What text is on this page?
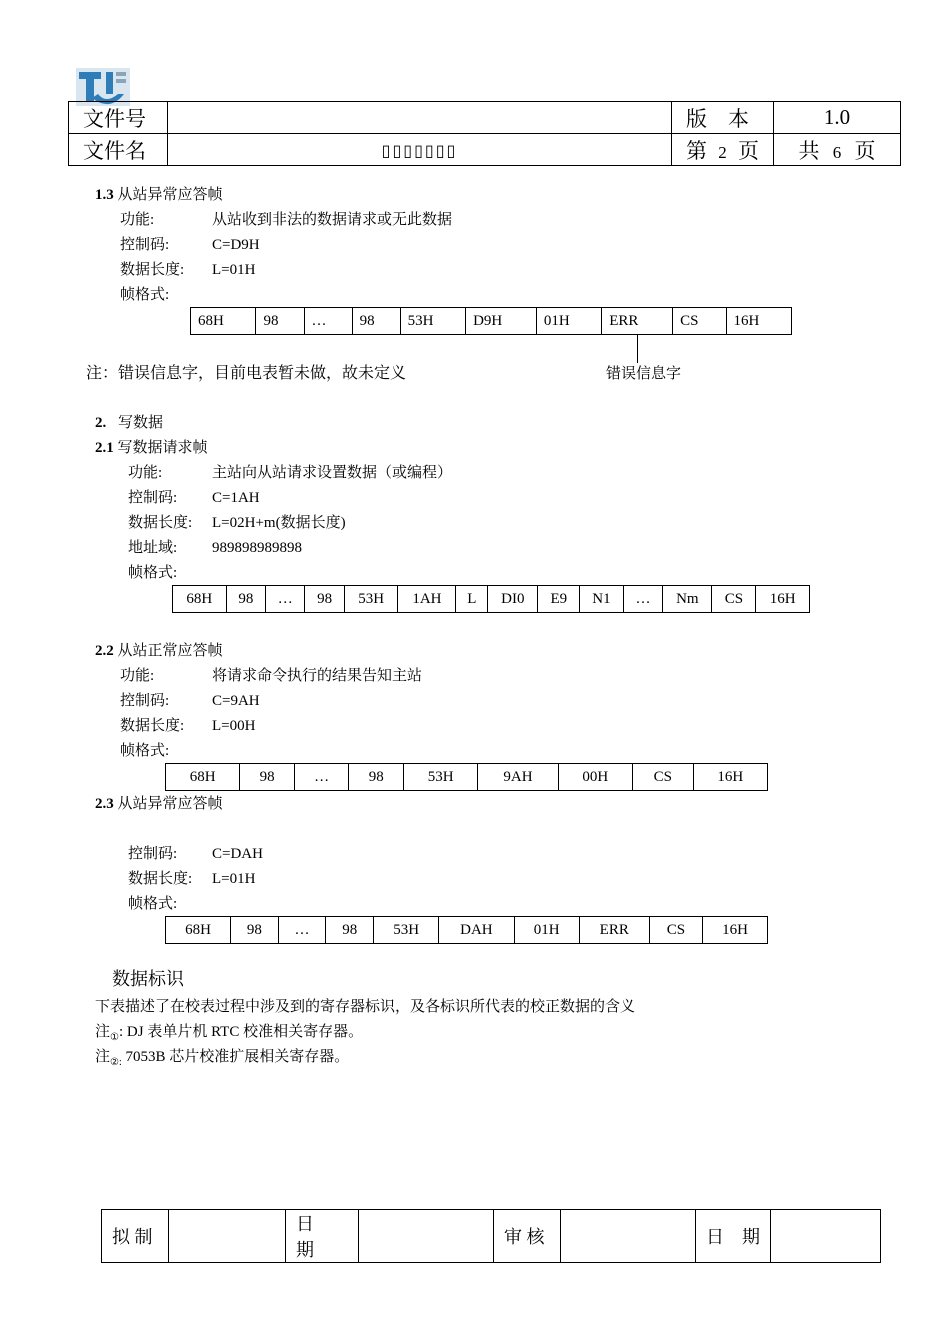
文件号		版　本	1.0
文件名	▯▯▯▯▯▯▯	第 2 页	共 6 页
1.3 从站异常应答帧
功能:	从站收到非法的数据请求或无此数据
控制码:	C=D9H
数据长度: L=01H
帧格式:
68H	98	…	98	53H	D9H	01H	ERR	CS	16H
注：错误信息字，目前电表暂未做，故未定义	错误信息字
2. 写数据
2.1 写数据请求帧
功能:	主站向从站请求设置数据（或编程）
控制码: C=1AH
数据长度: L=02H+m(数据长度)
地址域: 989898989898
帧格式:
68H	98	…	98	53H	1AH	L	DI0	E9	N1	…	Nm	CS	16H
2.2 从站正常应答帧
功能:	将请求命令执行的结果告知主站
控制码:	C=9AH
数据长度: L=00H
帧格式:
68H	98	…	98	53H	9AH	00H	CS	16H
2.3 从站异常应答帧
控制码: C=DAH
数据长度: L=01H
帧格式:
68H	98	…	98	53H	DAH	01H	ERR	CS	16H
数据标识
下表描述了在校表过程中涉及到的寄存器标识，及各标识所代表的校正数据的含义
注$_①$: DJ 表单片机 RTC 校准相关寄存器。
注$_{②:}$ 7053B 芯片校准扩展相关寄存器。
拟 制		日　期		审 核		日　期	
